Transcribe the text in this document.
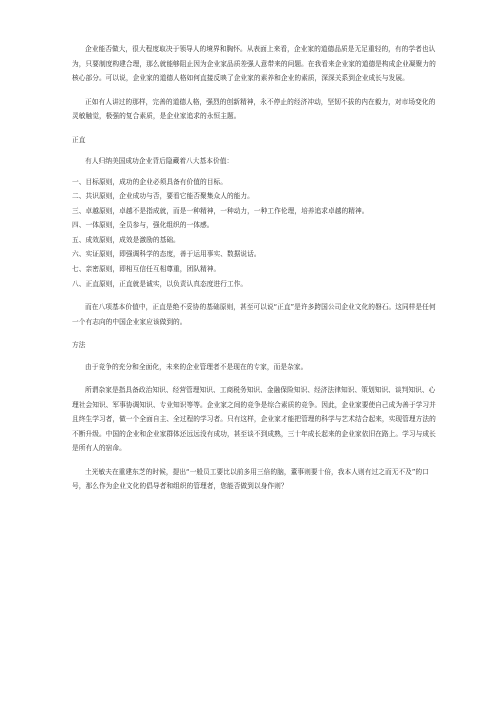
企业能否做大，很大程度取决于领导人的境界和胸怀。从表面上来看，企业家的道德品质是无足重轻的，有的学者也认为，只要制度构建合理，那么就能够阻止因为企业家品质差强人意带来的问题。在我看来企业家的道德是构成企业凝聚力的核心部分。可以说，企业家的道德人格如何直接反映了企业家的素养和企业的素质，深深关系到企业成长与发展。

正如有人讲过的那样，完善的道德人格，强烈的创新精神，永不停止的经济冲动，坚韧不拔的内在毅力，对市场变化的灵敏触觉，极强的复合素质，是企业家追求的永恒主题。

正直

有人归纳美国成功企业背后隐藏着八大基本价值：

一、目标原则，成功的企业必须具备有价值的目标。

二、共识原则，企业成功与否，要看它能否聚集众人的能力。

三、卓越原则，卓越不是指成就，而是一种精神，一种动力，一种工作伦理，培养追求卓越的精神。

四、一体原则，全员参与，强化组织的一体感。

五、成效原则，成效是激励的基础。

六、实证原则，即强调科学的态度，善于运用事实、数据说话。

七、亲密原则，即相互信任互相尊重，团队精神。

八、正直原则，正直就是诚实，以负责认真态度进行工作。

而在八项基本价值中，正直是绝不妥协的基础原则，甚至可以说“正直”是许多跨国公司企业文化的磐石。这同样是任何一个有志向的中国企业家应该做到的。

方法

由于竞争的充分和全面化，未来的企业管理者不是现在的专家，而是杂家。

所谓杂家是指具备政治知识、经营管理知识、工商税务知识、金融保险知识、经济法律知识、策划知识、谈判知识、心理社会知识、军事协调知识、专业知识等等。企业家之间的竞争是综合素质的竞争。因此，企业家要使自己成为善于学习并且终生学习者，做一个全面自主、全过程的学习者。只有这样，企业家才能把管理的科学与艺术结合起来，实现管理方法的不断升级。中国的企业和企业家群体还远远没有成功，甚至谈不到成熟，三十年成长起来的企业家依旧在路上。学习与成长是所有人的宿命。

土光敏夫在重建东芝的时候，提出“一般员工要比以前多用三倍的脑，董事则要十倍，我本人则有过之而无不及”的口号，那么作为企业文化的倡导者和组织的管理者，您能否做到以身作则？
